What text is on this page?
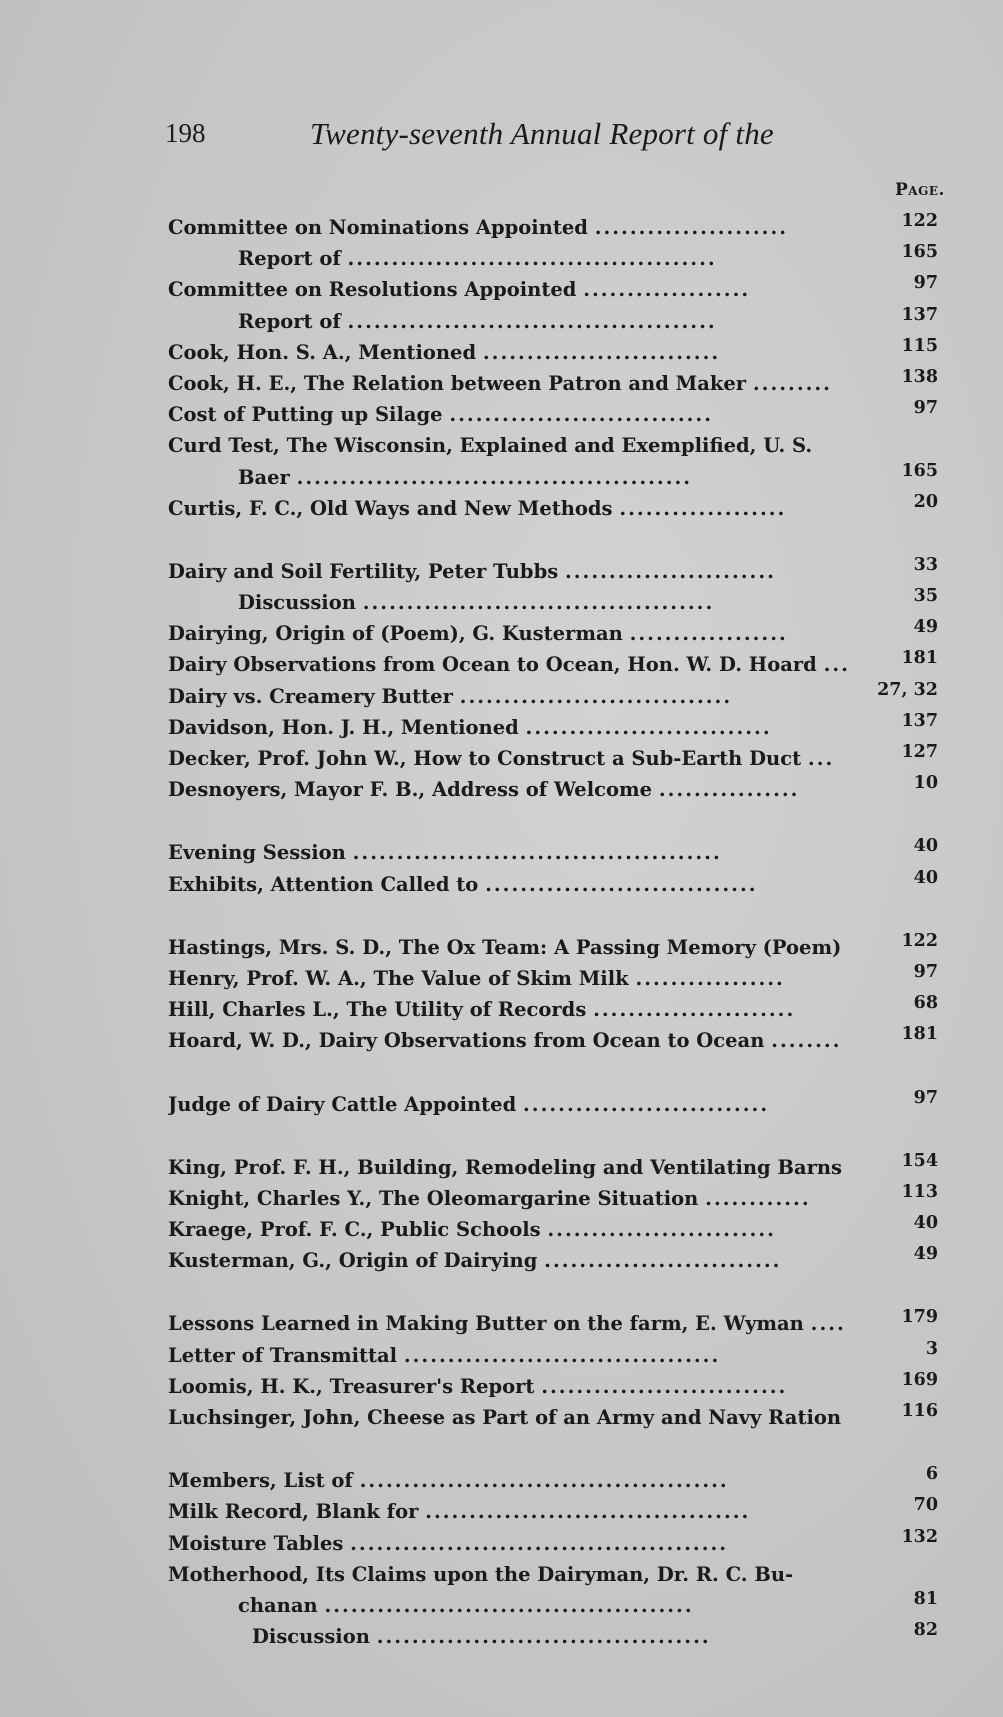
198	Twenty-seventh Annual Report of the
Page.
Committee on Nominations Appointed ......................	122
Report of ..........................................	165
Committee on Resolutions Appointed ...................	97
Report of ..........................................	137
Cook, Hon. S. A., Mentioned ...........................	115
Cook, H. E., The Relation between Patron and Maker .........	138
Cost of Putting up Silage ..............................	97
Curd Test, The Wisconsin, Explained and Exemplified, U. S.
Baer .............................................	165
Curtis, F. C., Old Ways and New Methods ...................	20
Dairy and Soil Fertility, Peter Tubbs ........................	33
Discussion ........................................	35
Dairying, Origin of (Poem), G. Kusterman ..................	49
Dairy Observations from Ocean to Ocean, Hon. W. D. Hoard ...	181
Dairy vs. Creamery Butter ...............................	27, 32
Davidson, Hon. J. H., Mentioned ............................	137
Decker, Prof. John W., How to Construct a Sub-Earth Duct ...	127
Desnoyers, Mayor F. B., Address of Welcome ................	10
Evening Session ..........................................	40
Exhibits, Attention Called to ...............................	40
Hastings, Mrs. S. D., The Ox Team: A Passing Memory (Poem)	122
Henry, Prof. W. A., The Value of Skim Milk .................	97
Hill, Charles L., The Utility of Records .......................	68
Hoard, W. D., Dairy Observations from Ocean to Ocean ........	181
Judge of Dairy Cattle Appointed ............................	97
King, Prof. F. H., Building, Remodeling and Ventilating Barns	154
Knight, Charles Y., The Oleomargarine Situation ............	113
Kraege, Prof. F. C., Public Schools ..........................	40
Kusterman, G., Origin of Dairying ...........................	49
Lessons Learned in Making Butter on the farm, E. Wyman ....	179
Letter of Transmittal ....................................	3
Loomis, H. K., Treasurer's Report ............................	169
Luchsinger, John, Cheese as Part of an Army and Navy Ration	116
Members, List of ..........................................	6
Milk Record, Blank for .....................................	70
Moisture Tables ...........................................	132
Motherhood, Its Claims upon the Dairyman, Dr. R. C. Bu-
chanan ..........................................	81
Discussion ......................................	82
